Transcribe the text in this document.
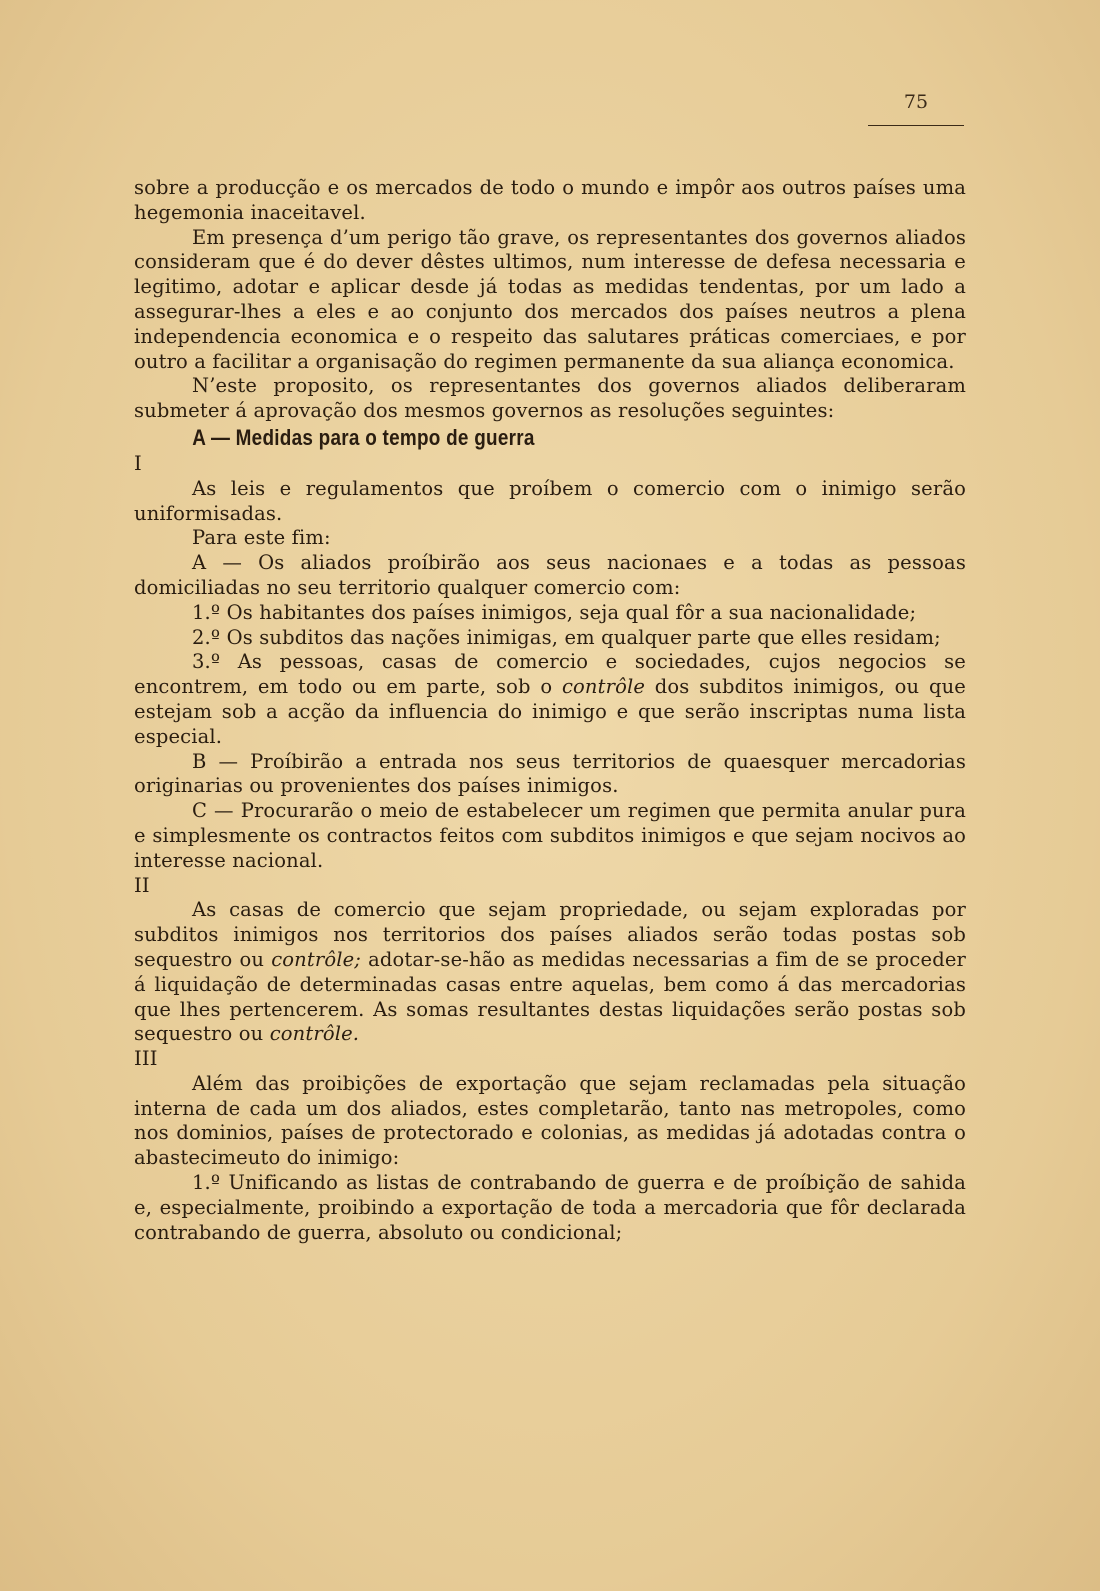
75

sobre a producção e os mercados de todo o mundo e impôr aos outros países uma hegemonia inaceitavel.

Em presença d’um perigo tão grave, os representantes dos governos aliados consideram que é do dever dêstes ultimos, num interesse de defesa necessaria e legitimo, adotar e aplicar desde já todas as medidas tendentas, por um lado a assegurar-lhes a eles e ao conjunto dos mercados dos países neutros a plena independencia economica e o respeito das salutares práticas comerciaes, e por outro a facilitar a organisação do regimen permanente da sua aliança economica.

N’este proposito, os representantes dos governos aliados deliberaram submeter á aprovação dos mesmos governos as resoluções seguintes:

A — Medidas para o tempo de guerra

I

As leis e regulamentos que proíbem o comercio com o inimigo serão uniformisadas.

Para este fim:

A — Os aliados proíbirão aos seus nacionaes e a todas as pessoas domiciliadas no seu territorio qualquer comercio com:

1.º Os habitantes dos países inimigos, seja qual fôr a sua nacionalidade;

2.º Os subditos das nações inimigas, em qualquer parte que elles residam;

3.º As pessoas, casas de comercio e sociedades, cujos negocios se encontrem, em todo ou em parte, sob o contrôle dos subditos inimigos, ou que estejam sob a acção da influencia do inimigo e que serão inscriptas numa lista especial.

B — Proíbirão a entrada nos seus territorios de quaesquer mercadorias originarias ou provenientes dos países inimigos.

C — Procurarão o meio de estabelecer um regimen que permita anular pura e simplesmente os contractos feitos com subditos inimigos e que sejam nocivos ao interesse nacional.

II

As casas de comercio que sejam propriedade, ou sejam exploradas por subditos inimigos nos territorios dos países aliados serão todas postas sob sequestro ou contrôle; adotar-se-hão as medidas necessarias a fim de se proceder á liquidação de determinadas casas entre aquelas, bem como á das mercadorias que lhes pertencerem. As somas resultantes destas liquidações serão postas sob sequestro ou contrôle.

III

Além das proibições de exportação que sejam reclamadas pela situação interna de cada um dos aliados, estes completarão, tanto nas metropoles, como nos dominios, países de protectorado e colonias, as medidas já adotadas contra o abastecimeuto do inimigo:

1.º Unificando as listas de contrabando de guerra e de proíbição de sahida e, especialmente, proibindo a exportação de toda a mercadoria que fôr declarada contrabando de guerra, absoluto ou condicional;
